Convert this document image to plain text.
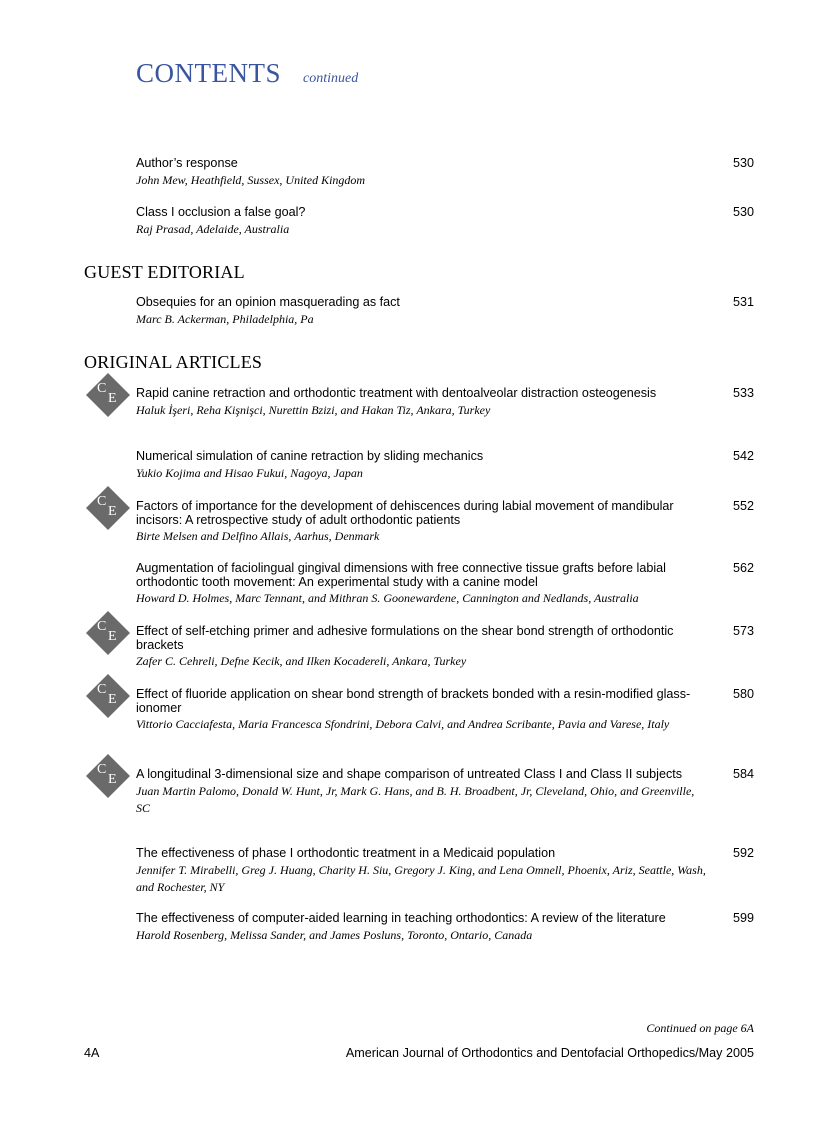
CONTENTS continued
Author’s response
John Mew, Heathfield, Sussex, United Kingdom
530
Class I occlusion a false goal?
Raj Prasad, Adelaide, Australia
530
GUEST EDITORIAL
Obsequies for an opinion masquerading as fact
Marc B. Ackerman, Philadelphia, Pa
531
ORIGINAL ARTICLES
CE Rapid canine retraction and orthodontic treatment with dentoalveolar distraction osteogenesis
Haluk İşeri, Reha Kişnişci, Nurettin Bzizi, and Hakan Tiz, Ankara, Turkey
533
Numerical simulation of canine retraction by sliding mechanics
Yukio Kojima and Hisao Fukui, Nagoya, Japan
542
CE Factors of importance for the development of dehiscences during labial movement of mandibular incisors: A retrospective study of adult orthodontic patients
Birte Melsen and Delfino Allais, Aarhus, Denmark
552
Augmentation of faciolingual gingival dimensions with free connective tissue grafts before labial orthodontic tooth movement: An experimental study with a canine model
Howard D. Holmes, Marc Tennant, and Mithran S. Goonewardene, Cannington and Nedlands, Australia
562
CE Effect of self-etching primer and adhesive formulations on the shear bond strength of orthodontic brackets
Zafer C. Cehreli, Defne Kecik, and Ilken Kocadereli, Ankara, Turkey
573
CE Effect of fluoride application on shear bond strength of brackets bonded with a resin-modified glass-ionomer
Vittorio Cacciafesta, Maria Francesca Sfondrini, Debora Calvi, and Andrea Scribante, Pavia and Varese, Italy
580
CE A longitudinal 3-dimensional size and shape comparison of untreated Class I and Class II subjects
Juan Martin Palomo, Donald W. Hunt, Jr, Mark G. Hans, and B. H. Broadbent, Jr, Cleveland, Ohio, and Greenville, SC
584
The effectiveness of phase I orthodontic treatment in a Medicaid population
Jennifer T. Mirabelli, Greg J. Huang, Charity H. Siu, Gregory J. King, and Lena Omnell, Phoenix, Ariz, Seattle, Wash, and Rochester, NY
592
The effectiveness of computer-aided learning in teaching orthodontics: A review of the literature
Harold Rosenberg, Melissa Sander, and James Posluns, Toronto, Ontario, Canada
599
Continued on page 6A
4A	American Journal of Orthodontics and Dentofacial Orthopedics/May 2005
